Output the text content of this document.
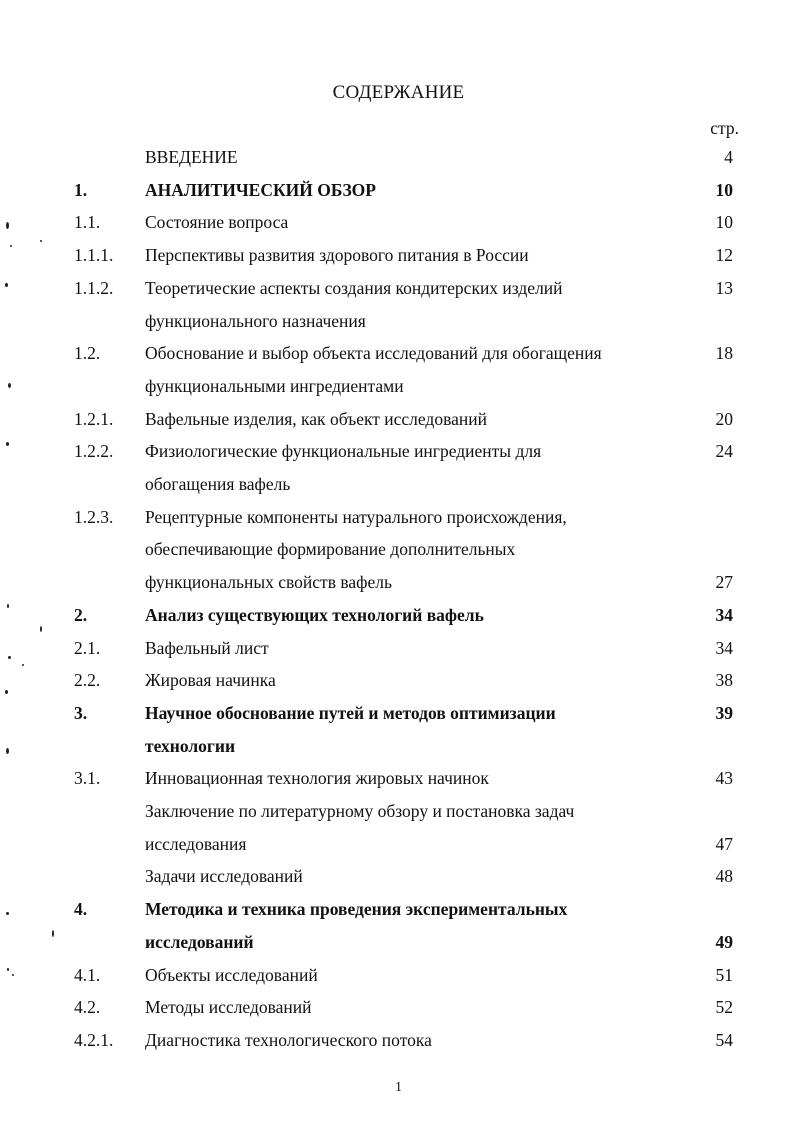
СОДЕРЖАНИЕ
стр.
ВВЕДЕНИЕ	4
1.	АНАЛИТИЧЕСКИЙ ОБЗОР	10
1.1.	Состояние вопроса	10
1.1.1. Перспективы развития здорового питания в России	12
1.1.2. Теоретические аспекты создания кондитерских изделий	13
функционального назначения
1.2.	Обоснование и выбор объекта исследований для обогащения	18
функциональными ингредиентами
1.2.1. Вафельные изделия, как объект исследований	20
1.2.2. Физиологические функциональные ингредиенты для	24
обогащения вафель
1.2.3. Рецептурные компоненты натурального происхождения,
обеспечивающие формирование дополнительных
функциональных свойств вафель	27
2.	Анализ существующих технологий вафель	34
2.1.	Вафельный лист	34
2.2.	Жировая начинка	38
3.	Научное обоснование путей и методов оптимизации	39
технологии
3.1.	Инновационная технология жировых начинок	43
Заключение по литературному обзору и постановка задач
исследования	47
Задачи исследований	48
4.	Методика и техника проведения экспериментальных
исследований	49
4.1.	Объекты исследований	51
4.2.	Методы исследований	52
4.2.1. Диагностика технологического потока	54
1
